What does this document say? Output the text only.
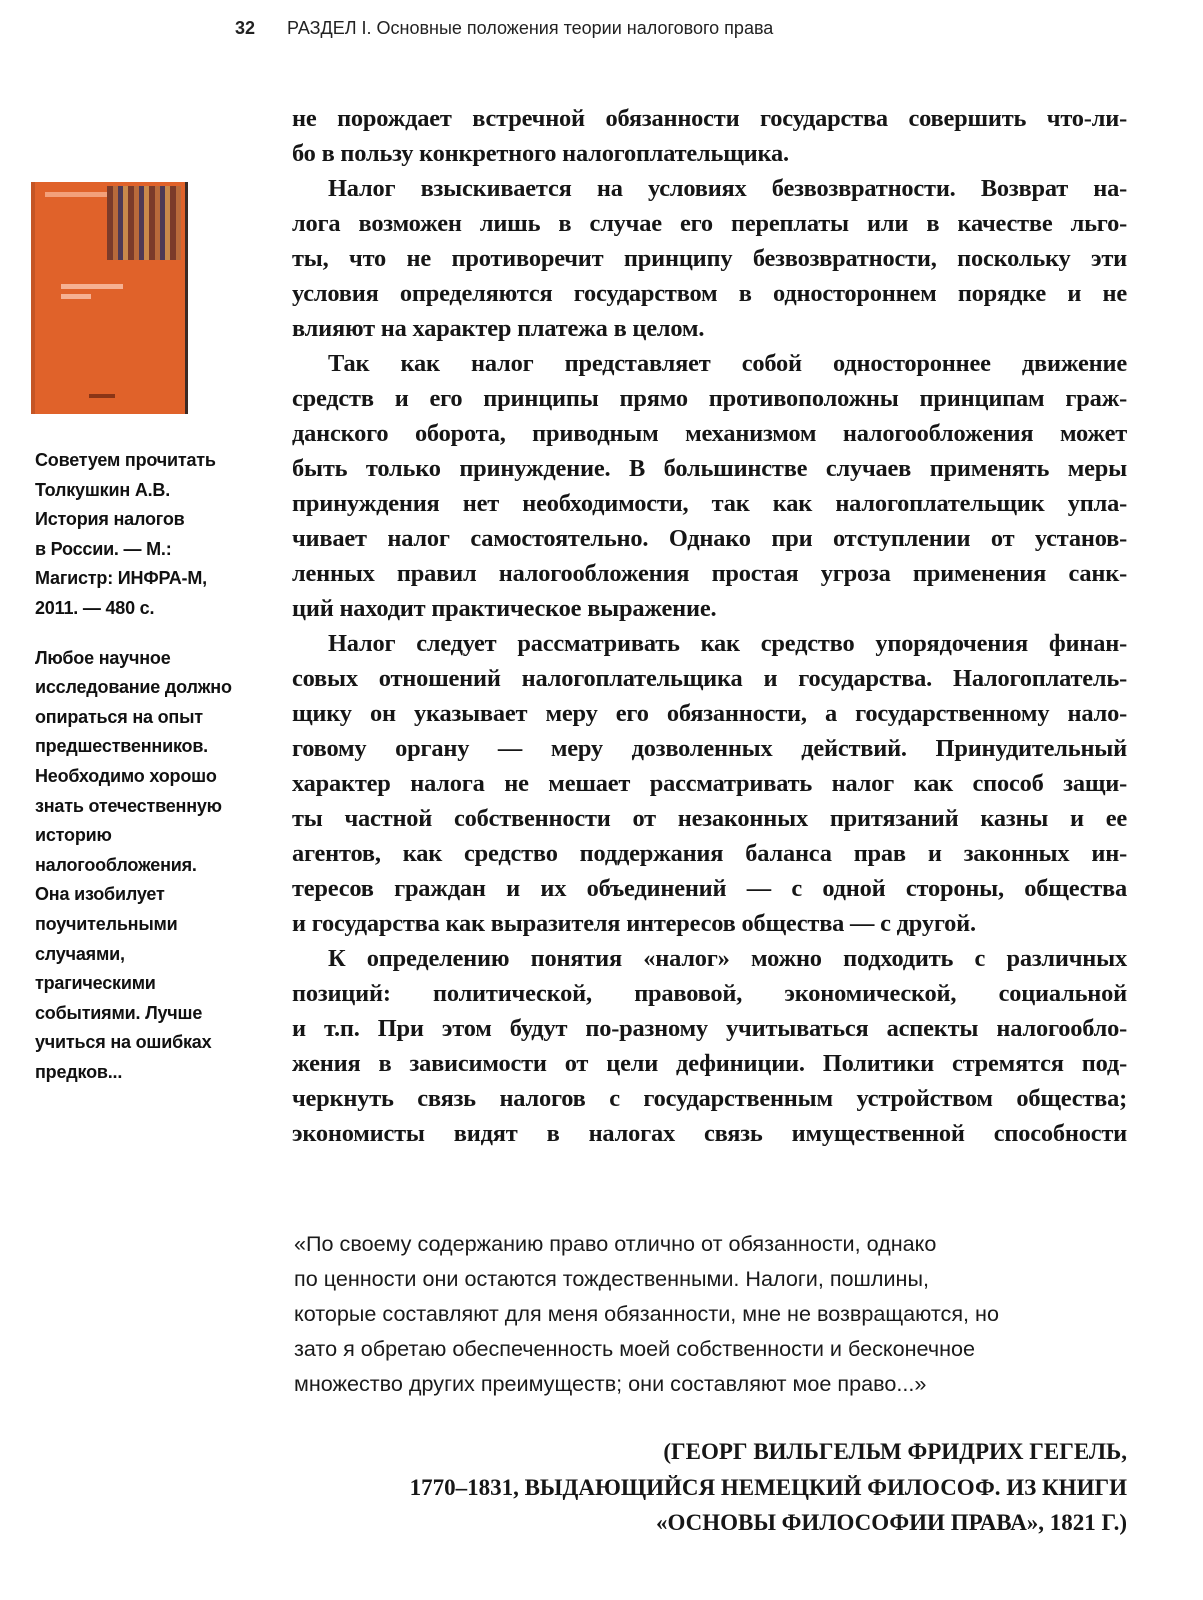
32 РАЗДЕЛ I. Основные положения теории налогового права
Советуем прочитать
Толкушкин А.В.
История налогов
в России. — М.:
Магистр: ИНФРА-М,
2011. — 480 с.
Любое научное
исследование должно
опираться на опыт
предшественников.
Необходимо хорошо
знать отечественную
историю
налогообложения.
Она изобилует
поучительными
случаями,
трагическими
событиями. Лучше
учиться на ошибках
предков...
не порождает встречной обязанности государства совершить что-ли-
бо в пользу конкретного налогоплательщика.
Налог взыскивается на условиях безвозвратности. Возврат на-
лога возможен лишь в случае его переплаты или в качестве льго-
ты, что не противоречит принципу безвозвратности, поскольку эти
условия определяются государством в одностороннем порядке и не
влияют на характер платежа в целом.
Так как налог представляет собой одностороннее движение
средств и его принципы прямо противоположны принципам граж-
данского оборота, приводным механизмом налогообложения может
быть только принуждение. В большинстве случаев применять меры
принуждения нет необходимости, так как налогоплательщик упла-
чивает налог самостоятельно. Однако при отступлении от установ-
ленных правил налогообложения простая угроза применения санк-
ций находит практическое выражение.
Налог следует рассматривать как средство упорядочения финан-
совых отношений налогоплательщика и государства. Налогоплатель-
щику он указывает меру его обязанности, а государственному нало-
говому органу — меру дозволенных действий. Принудительный
характер налога не мешает рассматривать налог как способ защи-
ты частной собственности от незаконных притязаний казны и ее
агентов, как средство поддержания баланса прав и законных ин-
тересов граждан и их объединений — с одной стороны, общества
и государства как выразителя интересов общества — с другой.
К определению понятия «налог» можно подходить с различных
позиций: политической, правовой, экономической, социальной
и т.п. При этом будут по-разному учитываться аспекты налогообло-
жения в зависимости от цели дефиниции. Политики стремятся под-
черкнуть связь налогов с государственным устройством общества;
экономисты видят в налогах связь имущественной способности
«По своему содержанию право отлично от обязанности, однако
по ценности они остаются тождественными. Налоги, пошлины,
которые составляют для меня обязанности, мне не возвращаются, но
зато я обретаю обеспеченность моей собственности и бесконечное
множество других преимуществ; они составляют мое право...»
(ГЕОРГ ВИЛЬГЕЛЬМ ФРИДРИХ ГЕГЕЛЬ,
1770–1831, ВЫДАЮЩИЙСЯ НЕМЕЦКИЙ ФИЛОСОФ. ИЗ КНИГИ
«ОСНОВЫ ФИЛОСОФИИ ПРАВА», 1821 Г.)
